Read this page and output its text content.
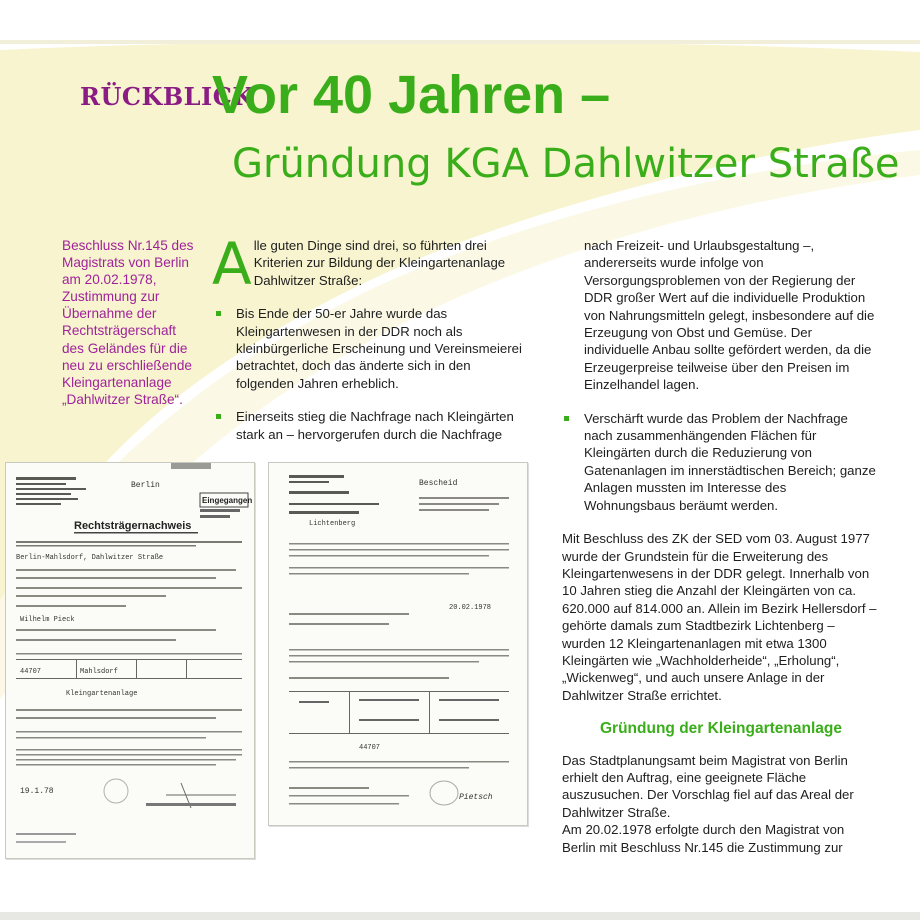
RÜCKBLICK
Vor 40 Jahren –
Gründung KGA Dahlwitzer Straße
Beschluss Nr.145 des Magistrats von Berlin am 20.02.1978, Zustimmung zur Übernahme der Rechtsträgerschaft des Geländes für die neu zu erschließende Kleingartenanlage „Dahlwitzer Straße“.
A lle guten Dinge sind drei, so führten drei Kriterien zur Bildung der Kleingartenanlage Dahlwitzer Straße:
Bis Ende der 50-er Jahre wurde das Kleingartenwesen in der DDR noch als kleinbürgerliche Erscheinung und Vereinsmeierei betrachtet, doch das änderte sich in den folgenden Jahren erheblich.
Einerseits stieg die Nachfrage nach Kleingärten stark an – hervorgerufen durch die Nachfrage
nach Freizeit- und Urlaubsgestaltung –, andererseits wurde infolge von Versorgungsproblemen von der Regierung der DDR großer Wert auf die individuelle Produktion von Nahrungsmitteln gelegt, insbesondere auf die Erzeugung von Obst und Gemüse. Der individuelle Anbau sollte gefördert werden, da die Erzeugerpreise teilweise über den Preisen im Einzelhandel lagen.
Verschärft wurde das Problem der Nachfrage nach zusammenhängenden Flächen für Kleingärten durch die Reduzierung von Gatenanlagen im innerstädtischen Bereich; ganze Anlagen mussten im Interesse des Wohnungsbaus beräumt werden.
Mit Beschluss des ZK der SED vom 03. August 1977 wurde der Grundstein für die Erweiterung des Kleingartenwesens in der DDR gelegt. Innerhalb von 10 Jahren stieg die Anzahl der Kleingärten von ca. 620.000 auf 814.000 an. Allein im Bezirk Hellersdorf – gehörte damals zum Stadtbezirk Lichtenberg – wurden 12 Kleingartenanlagen mit etwa 1300 Kleingärten wie „Wachholderheide“, „Erholung“, „Wickenweg“, und auch unsere Anlage in der Dahlwitzer Straße errichtet.
Gründung der Kleingartenanlage
Das Stadtplanungsamt beim Magistrat von Berlin erhielt den Auftrag, eine geeignete Fläche auszusuchen. Der Vorschlag fiel auf das Areal der Dahlwitzer Straße.
Am 20.02.1978 erfolgte durch den Magistrat von Berlin mit Beschluss Nr.145 die Zustimmung zur
Berlin
Eingegangen
Rechtsträgernachweis
Berlin-Mahlsdorf, Dahlwitzer Straße
Wilhelm Pieck
44707	Mahlsdorf
Kleingartenanlage
19.1.78
Bescheid
Lichtenberg
20.02.1978
44707
Pietsch
